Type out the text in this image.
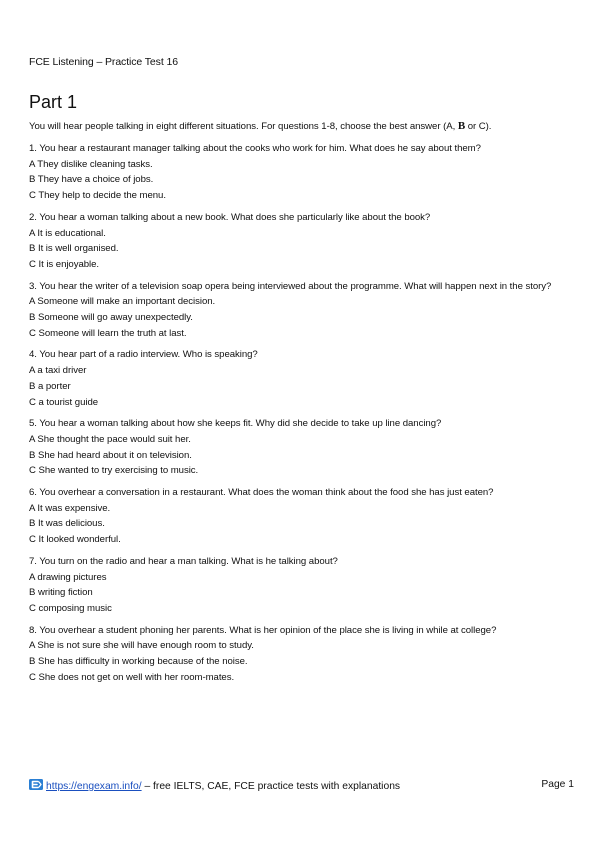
FCE Listening – Practice Test 16
Part 1
You will hear people talking in eight different situations. For questions 1-8, choose the best answer (A, B or C).
1. You hear a restaurant manager talking about the cooks who work for him. What does he say about them?
A They dislike cleaning tasks.
B They have a choice of jobs.
C They help to decide the menu.
2. You hear a woman talking about a new book. What does she particularly like about the book?
A It is educational.
B It is well organised.
C It is enjoyable.
3. You hear the writer of a television soap opera being interviewed about the programme. What will happen next in the story?
A Someone will make an important decision.
B Someone will go away unexpectedly.
C Someone will learn the truth at last.
4. You hear part of a radio interview. Who is speaking?
A a taxi driver
B a porter
C a tourist guide
5. You hear a woman talking about how she keeps fit. Why did she decide to take up line dancing?
A She thought the pace would suit her.
B She had heard about it on television.
C She wanted to try exercising to music.
6. You overhear a conversation in a restaurant. What does the woman think about the food she has just eaten?
A It was expensive.
B It was delicious.
C It looked wonderful.
7. You turn on the radio and hear a man talking. What is he talking about?
A drawing pictures
B writing fiction
C composing music
8. You overhear a student phoning her parents. What is her opinion of the place she is living in while at college?
A She is not sure she will have enough room to study.
B She has difficulty in working because of the noise.
C She does not get on well with her room-mates.
https://engexam.info/ – free IELTS, CAE, FCE practice tests with explanations	Page 1
